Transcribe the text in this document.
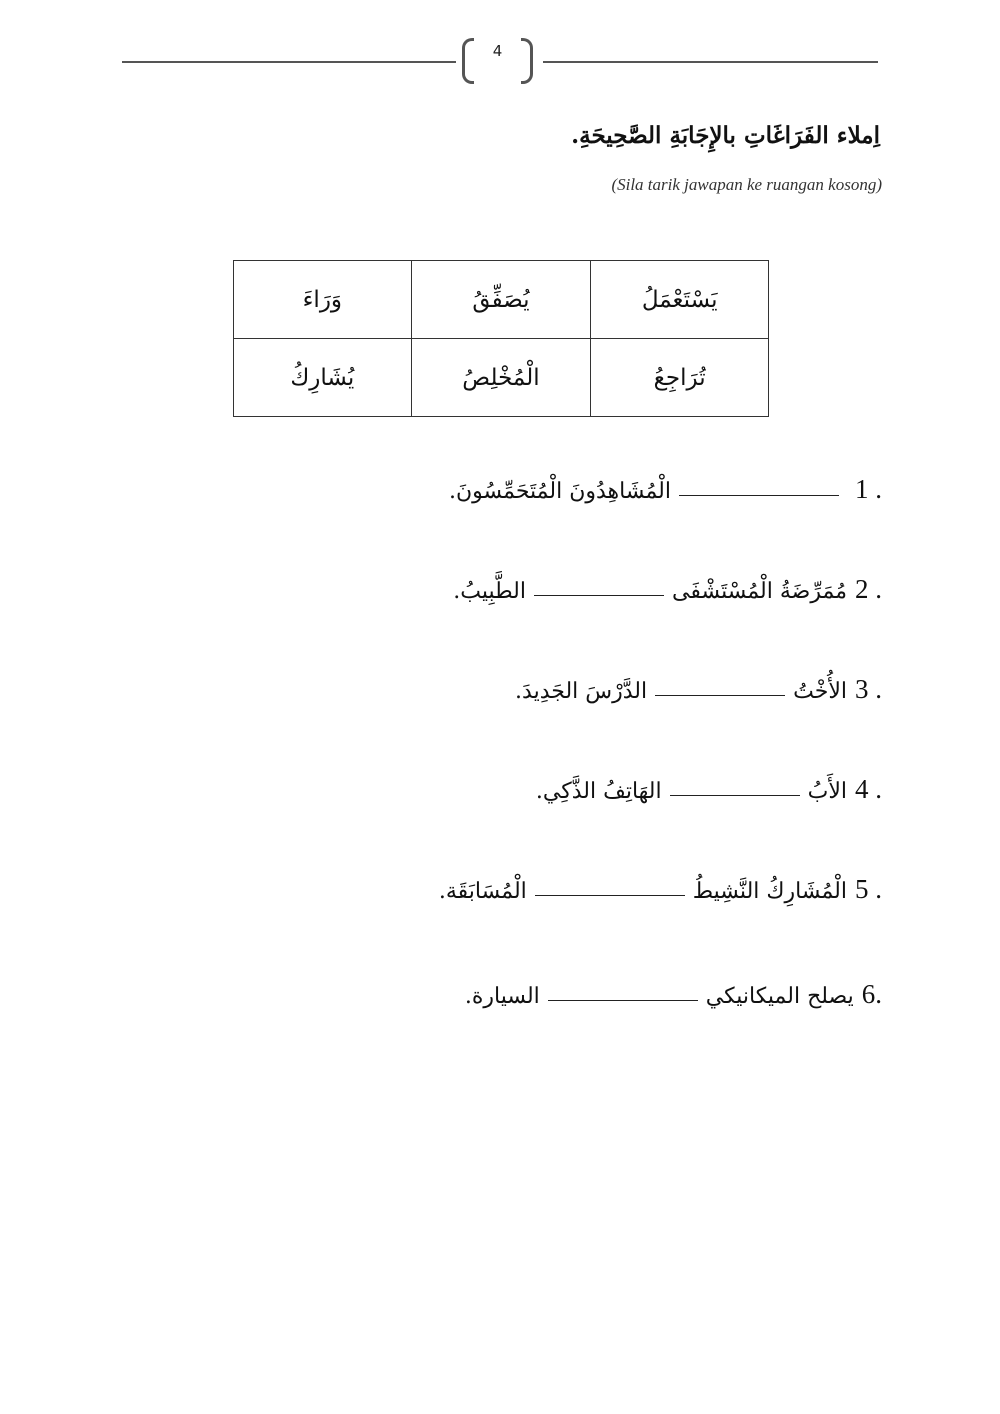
4
اِملاء الفَرَاغَاتِ بالإِجَابَةِ الصَّحِيحَةِ.
(Sila tarik jawapan ke ruangan kosong)
وَرَاءَ	يُصَفِّقُ	يَسْتَعْمَلُ
يُشَارِكُ	الْمُخْلِصُ	تُرَاجِعُ
1 .
الْمُشَاهِدُونَ الْمُتَحَمِّسُونَ.
2 .
مُمَرِّضَةُ الْمُسْتَشْفَى
الطَّبِيبُ.
3 .
الأُخْتُ
الدَّرْسَ الجَدِيدَ.
4 .
الأَبُ
الهَاتِفُ الذَّكِي.
5 .
الْمُشَارِكُ النَّشِيطُ
الْمُسَابَقَة.
6.
يصلح الميكانيكي
السيارة.
